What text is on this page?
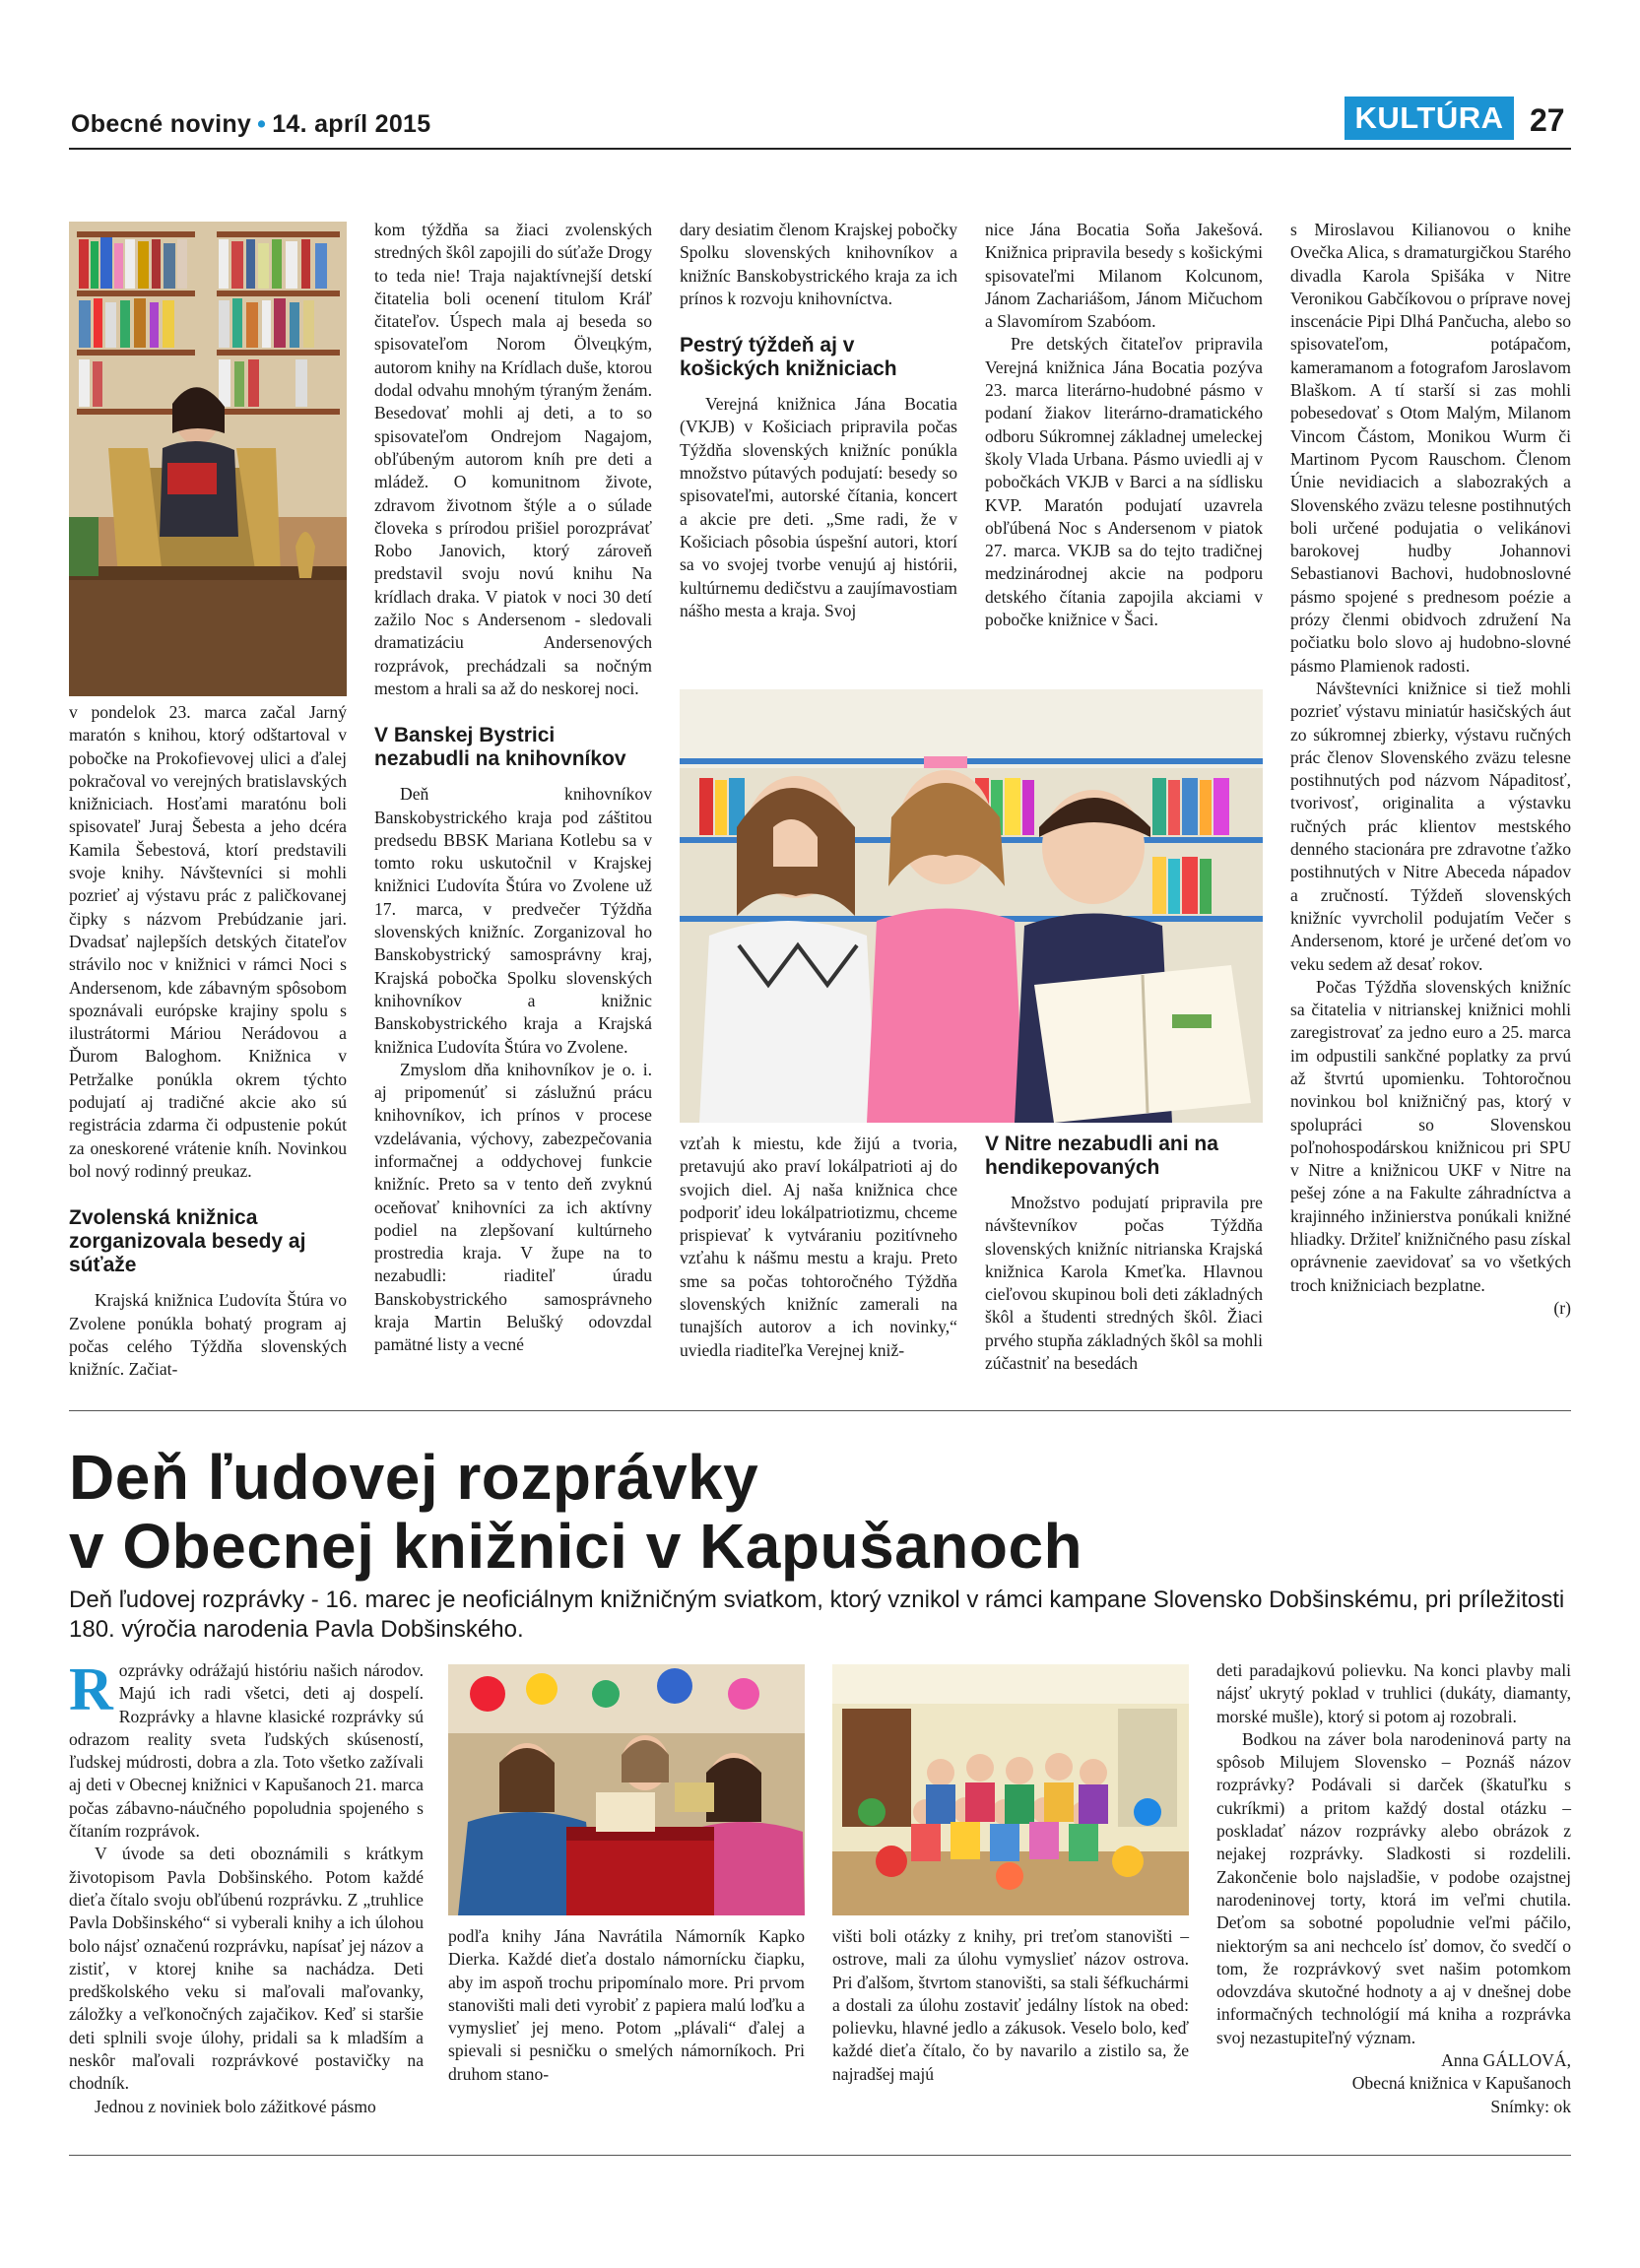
Obecné noviny • 14. apríl 2015	KULTÚRA 27

v pondelok 23. marca začal Jarný maratón s knihou, ktorý odštartoval v pobočke na Prokofievovej ulici a ďalej pokračoval vo verejných bratislavských knižniciach. Hosťami maratónu boli spisovateľ Juraj Šebesta a jeho dcéra Kamila Šebestová, ktorí predstavili svoje knihy. Návštevníci si mohli pozrieť aj výstavu prác z paličkovanej čipky s názvom Prebúdzanie jari. Dvadsať najlepších detských čitateľov strávilo noc v knižnici v rámci Noci s Andersenom, kde zábavným spôsobom spoznávali európske krajiny spolu s ilustrátormi Máriou Nerádovou a Ďurom Baloghom. Knižnica v Petržalke ponúkla okrem týchto podujatí aj tradičné akcie ako sú registrácia zdarma či odpustenie pokút za oneskorené vrátenie kníh. Novinkou bol nový rodinný preukaz.

Zvolenská knižnica zorganizovala besedy aj súťaže

Krajská knižnica Ľudovíta Štúra vo Zvolene ponúkla bohatý program aj počas celého Týždňa slovenských knižníc. Začiat-

kom týždňa sa žiaci zvolenských stredných škôl zapojili do súťaže Drogy to teda nie! Traja najaktívnejší detskí čitatelia boli ocenení titulom Kráľ čitateľov. Úspech mala aj beseda so spisovateľom Norom Ölvецkým, autorom knihy na Krídlach duše, ktorou dodal odvahu mnohým týraným ženám. Besedovať mohli aj deti, a to so spisovateľom Ondrejom Nagajom, obľúbeným autorom kníh pre deti a mládež. O komunitnom živote, zdravom životnom štýle a o súlade človeka s prírodou prišiel porozprávať Robo Janovich, ktorý zároveň predstavil svoju novú knihu Na krídlach draka. V piatok v noci 30 detí zažilo Noc s Andersenom - sledovali dramatizáciu Andersenových rozprávok, prechádzali sa nočným mestom a hrali sa až do neskorej noci.

V Banskej Bystrici nezabudli na knihovníkov

Deň knihovníkov Banskobystrického kraja pod záštitou predsedu BBSK Mariana Kotlebu sa v tomto roku uskutočnil v Krajskej knižnici Ľudovíta Štúra vo Zvolene už 17. marca, v predvečer Týždňa slovenských knižníc. Zorganizoval ho Banskobystrický samosprávny kraj, Krajská pobočka Spolku slovenských knihovníkov a knižnic Banskobystrického kraja a Krajská knižnica Ľudovíta Štúra vo Zvolene.

Zmyslom dňa knihovníkov je o. i. aj pripomenúť si záslužnú prácu knihovníkov, ich prínos v procese vzdelávania, výchovy, zabezpečovania informačnej a oddychovej funkcie knižníc. Preto sa v tento deň zvyknú oceňovať knihovníci za ich aktívny podiel na zlepšovaní kultúrneho prostredia kraja. V župe na to nezabudli: riaditeľ úradu Banskobystrického samosprávneho kraja Martin Belušký odovzdal pamätné listy a vecné

dary desiatim členom Krajskej pobočky Spolku slovenských knihovníkov a knižníc Banskobystrického kraja za ich prínos k rozvoju knihovníctva.

Pestrý týždeň aj v košických knižniciach

Verejná knižnica Jána Bocatia (VKJB) v Košiciach pripravila počas Týždňa slovenských knižníc ponúkla množstvo pútavých podujatí: besedy so spisovateľmi, autorské čítania, koncert a akcie pre deti. „Sme radi, že v Košiciach pôsobia úspešní autori, ktorí sa vo svojej tvorbe venujú aj histórii, kultúrnemu dedičstvu a zaujímavostiam nášho mesta a kraja. Svoj

nice Jána Bocatia Soňa Jakešová. Knižnica pripravila besedy s košickými spisovateľmi Milanom Kolcunom, Jánom Zachariášom, Jánom Mičuchom a Slavomírom Szabóom.

Pre detských čitateľov pripravila Verejná knižnica Jána Bocatia pozýva 23. marca literárno-hudobné pásmo v podaní žiakov literárno-dramatického odboru Súkromnej základnej umeleckej školy Vlada Urbana. Pásmo uviedli aj v pobočkách VKJB v Barci a na sídlisku KVP. Maratón podujatí uzavrela obľúbená Noc s Andersenom v piatok 27. marca. VKJB sa do tejto tradičnej medzinárodnej akcie na podporu detského čítania zapojila akciami v pobočke knižnice v Šaci.

vzťah k miestu, kde žijú a tvoria, pretavujú ako praví lokálpatrioti aj do svojich diel. Aj naša knižnica chce podporiť ideu lokálpatriotizmu, chceme prispievať k vytváraniu pozitívneho vzťahu k nášmu mestu a kraju. Preto sme sa počas tohtoročného Týždňa slovenských knižníc zamerali na tunajších autorov a ich novinky,“ uviedla riaditeľka Verejnej kniž-

V Nitre nezabudli ani na hendikepovaných

Množstvo podujatí pripravila pre návštevníkov počas Týždňa slovenských knižníc nitrianska Krajská knižnica Karola Kmeťka. Hlavnou cieľovou skupinou boli deti základných škôl a študenti stredných škôl. Žiaci prvého stupňa základných škôl sa mohli zúčastniť na besedách

s Miroslavou Kilianovou o knihe Ovečka Alica, s dramaturgičkou Starého divadla Karola Spišáka v Nitre Veronikou Gabčíkovou o príprave novej inscenácie Pipi Dlhá Pančucha, alebo so spisovateľom, potápačom, kameramanom a fotografom Jaroslavom Blaškom. A tí starší si zas mohli pobesedovať s Otom Malým, Milanom Vincom Částom, Monikou Wurm či Martinom Pycom Rauschom. Členom Únie nevidiacich a slabozrakých a Slovenského zväzu telesne postihnutých boli určené podujatia o velikánovi barokovej hudby Johannovi Sebastianovi Bachovi, hudobnoslovné pásmo spojené s prednesom poézie a prózy členmi obidvoch združení Na počiatku bolo slovo aj hudobno-slovné pásmo Plamienok radosti.

Návštevníci knižnice si tiež mohli pozrieť výstavu miniatúr hasičských áut zo súkromnej zbierky, výstavu ručných prác členov Slovenského zväzu telesne postihnutých pod názvom Nápaditosť, tvorivosť, originalita a výstavku ručných prác klientov mestského denného stacionára pre zdravotne ťažko postihnutých v Nitre Abeceda nápadov a zručností. Týždeň slovenských knižníc vyvrcholil podujatím Večer s Andersenom, ktoré je určené deťom vo veku sedem až desať rokov.

Počas Týždňa slovenských knižníc sa čitatelia v nitrianskej knižnici mohli zaregistrovať za jedno euro a 25. marca im odpustili sankčné poplatky za prvú až štvrtú upomienku. Tohtoročnou novinkou bol knižničný pas, ktorý v spolupráci so Slovenskou poľnohospodárskou knižnicou pri SPU v Nitre a knižnicou UKF v Nitre na pešej zóne a na Fakulte záhradníctva a krajinného inžinierstva ponúkali knižné hliadky. Držiteľ knižničného pasu získal oprávnenie zaevidovať sa vo všetkých troch knižniciach bezplatne.

(r)
Deň ľudovej rozprávky
v Obecnej knižnici v Kapušanoch
Deň ľudovej rozprávky - 16. marec je neoficiálnym knižničným sviatkom, ktorý vznikol v rámci kampane Slovensko Dobšinskému, pri príležitosti 180. výročia narodenia Pavla Dobšinského.

Rozprávky odrážajú históriu našich národov. Majú ich radi všetci, deti aj dospelí. Rozprávky a hlavne klasické rozprávky sú odrazom reality sveta ľudských skúseností, ľudskej múdrosti, dobra a zla. Toto všetko zažívali aj deti v Obecnej knižnici v Kapušanoch 21. marca počas zábavno-náučného popoludnia spojeného s čítaním rozprávok.

V úvode sa deti oboznámili s krátkym životopisom Pavla Dobšinského. Potom každé dieťa čítalo svoju obľúbenú rozprávku. Z „truhlice Pavla Dobšinského“ si vyberali knihy a ich úlohou bolo nájsť označenú rozprávku, napísať jej názov a zistiť, v ktorej knihe sa nachádza. Deti predškolského veku si maľovali maľovanky, záložky a veľkonočných zajačikov. Keď si staršie deti splnili svoje úlohy, pridali sa k mladším a neskôr maľovali rozprávkové postavičky na chodník.

Jednou z noviniek bolo zážitkové pásmo

podľa knihy Jána Navrátila Námorník Kapko Dierka. Každé dieťa dostalo námornícku čiapku, aby im aspoň trochu pripomínalo more. Pri prvom stanovišti mali deti vyrobiť z papiera malú loďku a vymyslieť jej meno. Potom „plávali“ ďalej a spievali si pesničku o smelých námorníkoch. Pri druhom stano-

višti boli otázky z knihy, pri treťom stanovišti – ostrove, mali za úlohu vymyslieť názov ostrova. Pri ďalšom, štvrtom stanovišti, sa stali šéfkuchármi a dostali za úlohu zostaviť jedálny lístok na obed: polievku, hlavné jedlo a zákusok. Veselo bolo, keď každé dieťa čítalo, čo by navarilo a zistilo sa, že najradšej majú

deti paradajkovú polievku. Na konci plavby mali nájsť ukrytý poklad v truhlici (dukáty, diamanty, morské mušle), ktorý si potom aj rozobrali.

Bodkou na záver bola narodeninová party na spôsob Milujem Slovensko – Poznáš názov rozprávky? Podávali si darček (škatuľku s cukríkmi) a pritom každý dostal otázku – poskladať názov rozprávky alebo obrázok z nejakej rozprávky. Sladkosti si rozdelili. Zakončenie bolo najsladšie, v podobe ozajstnej narodeninovej torty, ktorá im veľmi chutila. Deťom sa sobotné popoludnie veľmi páčilo, niektorým sa ani nechcelo ísť domov, čo svedčí o tom, že rozprávkový svet našim potomkom odovzdáva skutočné hodnoty a aj v dnešnej dobe informačných technológií má kniha a rozprávka svoj nezastupiteľný význam.

Anna GÁLLOVÁ,
Obecná knižnica v Kapušanoch
Snímky: ok
